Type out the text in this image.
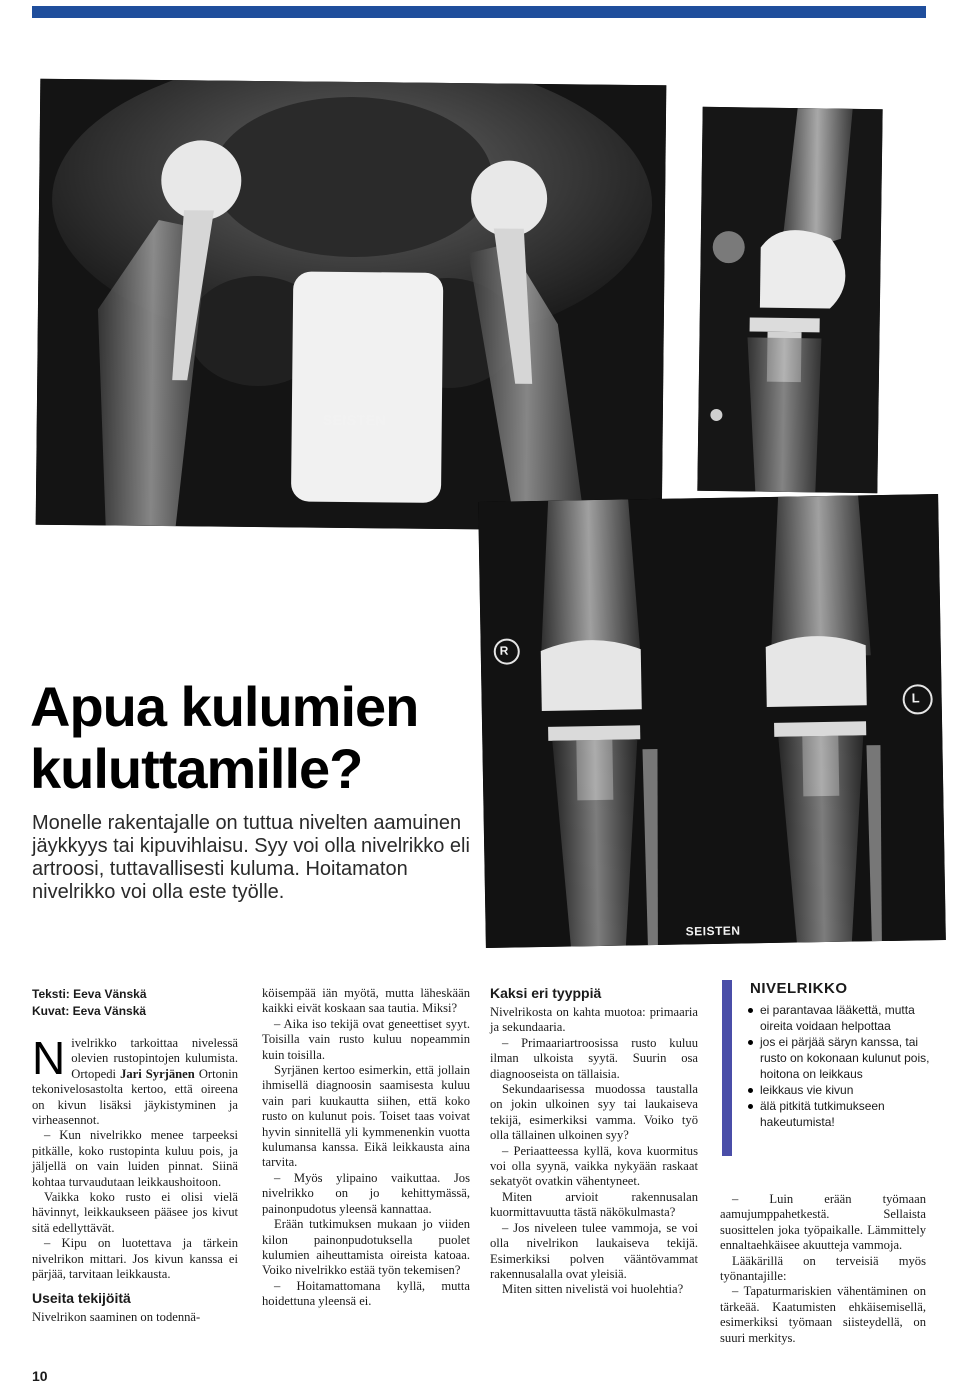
SEISTEN
R
L
SEISTEN
Apua kulumien kuluttamille?

Monelle rakentajalle on tuttua nivelten aamuinen jäykkyys tai kipuvihlaisu. Syy voi olla nivelrikko eli artroosi, tuttavallisesti kuluma. Hoitamaton nivelrikko voi olla este työlle.

Teksti: Eeva Vänskä
Kuvat: Eeva Vänskä

Nivelrikko tarkoittaa nivelessä olevien rustopintojen kulumista. Ortopedi Jari Syrjänen Ortonin tekonivelosastolta kertoo, että oireena on kivun lisäksi jäykistyminen ja virheasennot.

– Kun nivelrikko menee tarpeeksi pitkälle, koko rustopinta kuluu pois, ja jäljellä on vain luiden pinnat. Siinä kohtaa turvaudutaan leikkaushoitoon.

Vaikka koko rusto ei olisi vielä hävinnyt, leikkaukseen pääsee jos kivut sitä edellyttävät.

– Kipu on luotettava ja tärkein nivelrikon mittari. Jos kivun kanssa ei pärjää, tarvitaan leikkausta.

Useita tekijöitä

Nivelrikon saaminen on todennä-

köisempää iän myötä, mutta läheskään kaikki eivät koskaan saa tautia. Miksi?

– Aika iso tekijä ovat geneettiset syyt. Toisilla vain rusto kuluu nopeammin kuin toisilla.

Syrjänen kertoo esimerkin, että jollain ihmisellä diagnoosin saamisesta kuluu vain pari kuukautta siihen, että koko rusto on kulunut pois. Toiset taas voivat hyvin sinnitellä yli kymmenenkin vuotta kulumansa kanssa. Eikä leikkausta aina tarvita.

– Myös ylipaino vaikuttaa. Jos nivelrikko on jo kehittymässä, painonpudotus yleensä kannattaa.

Erään tutkimuksen mukaan jo viiden kilon painonpudotuksella puolet kulumien aiheuttamista oireista katoaa. Voiko nivelrikko estää työn tekemisen?

– Hoitamattomana kyllä, mutta hoidettuna yleensä ei.

Kaksi eri tyyppiä

Nivelrikosta on kahta muotoa: primaaria ja sekundaaria.

– Primaariartroosissa rusto kuluu ilman ulkoista syytä. Suurin osa diagnooseista on tällaisia.

Sekundaarisessa muodossa taustalla on jokin ulkoinen syy tai laukaiseva tekijä, esimerkiksi vamma. Voiko työ olla tällainen ulkoinen syy?

– Periaatteessa kyllä, kova kuormitus voi olla syynä, vaikka nykyään raskaat sekatyöt ovatkin vähentyneet.

Miten arvioit rakennusalan kuormittavuutta tästä näkökulmasta?

– Jos niveleen tulee vammoja, se voi olla nivelrikon laukaiseva tekijä. Esimerkiksi polven vääntövammat rakennusalalla ovat yleisiä.

Miten sitten nivelistä voi huolehtia?

NIVELRIKKO
ei parantavaa lääkettä, mutta oireita voidaan helpottaa
jos ei pärjää säryn kanssa, tai rusto on kokonaan kulunut pois, hoitona on leikkaus
leikkaus vie kivun
älä pitkitä tutkimukseen hakeutumista!

– Luin erään työmaan aamujumppahetkestä. Sellaista suosittelen joka työpaikalle. Lämmittely ennaltaehkäisee akuutteja vammoja.

Lääkärillä on terveisiä myös työnantajille:

– Tapaturmariskien vähentäminen on tärkeää. Kaatumisten ehkäisemisellä, esimerkiksi työmaan siisteydellä, on suuri merkitys.

10
